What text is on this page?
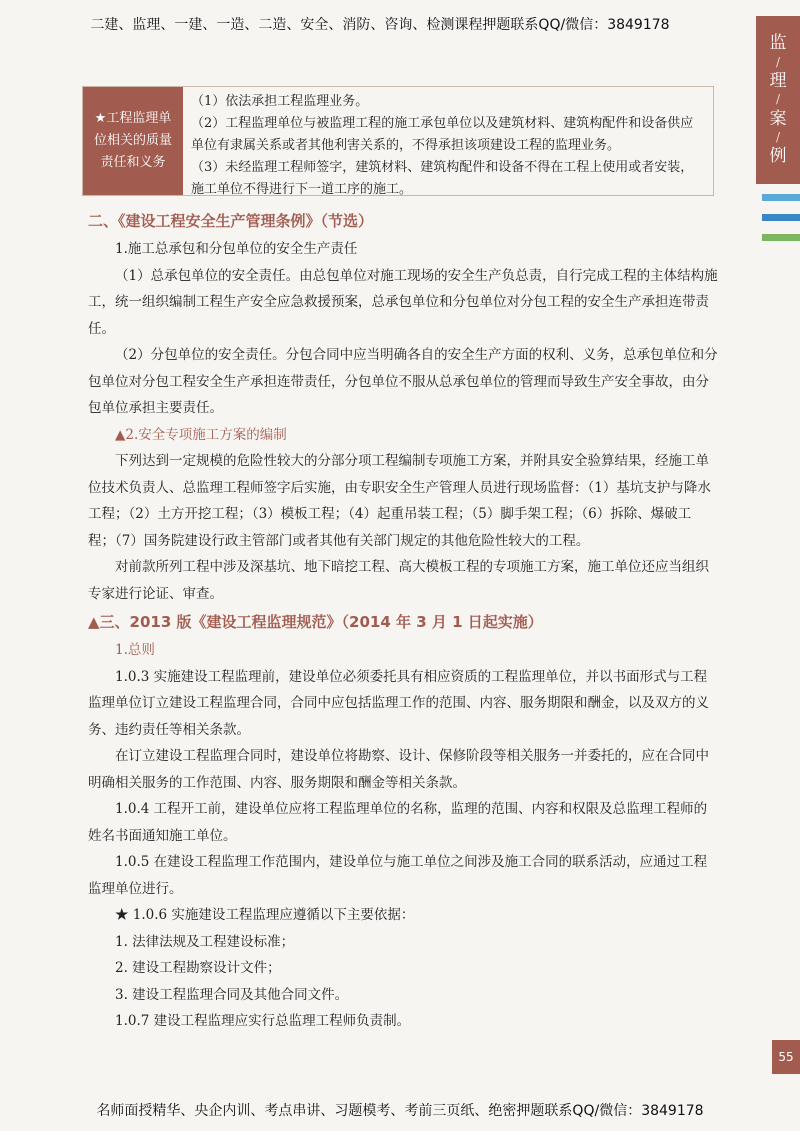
二建、监理、一建、一造、二造、安全、消防、咨询、检测课程押题联系QQ/微信：3849178
监
/
理
/
案
/
例
★工程监理单位相关的质量责任和义务
（1）依法承担工程监理业务。
（2）工程监理单位与被监理工程的施工承包单位以及建筑材料、建筑构配件和设备供应单位有隶属关系或者其他利害关系的，不得承担该项建设工程的监理业务。
（3）未经监理工程师签字，建筑材料、建筑构配件和设备不得在工程上使用或者安装，施工单位不得进行下一道工序的施工。

二、《建设工程安全生产管理条例》（节选）

1.施工总承包和分包单位的安全生产责任

（1）总承包单位的安全责任。由总包单位对施工现场的安全生产负总责，自行完成工程的主体结构施工，统一组织编制工程生产安全应急救援预案，总承包单位和分包单位对分包工程的安全生产承担连带责任。

（2）分包单位的安全责任。分包合同中应当明确各自的安全生产方面的权利、义务，总承包单位和分包单位对分包工程安全生产承担连带责任，分包单位不服从总承包单位的管理而导致生产安全事故，由分包单位承担主要责任。

▲2.安全专项施工方案的编制

下列达到一定规模的危险性较大的分部分项工程编制专项施工方案，并附具安全验算结果，经施工单位技术负责人、总监理工程师签字后实施，由专职安全生产管理人员进行现场监督：（1）基坑支护与降水工程；（2）土方开挖工程；（3）模板工程；（4）起重吊装工程；（5）脚手架工程；（6）拆除、爆破工程；（7）国务院建设行政主管部门或者其他有关部门规定的其他危险性较大的工程。

对前款所列工程中涉及深基坑、地下暗挖工程、高大模板工程的专项施工方案，施工单位还应当组织专家进行论证、审查。

▲三、2013 版《建设工程监理规范》（2014 年 3 月 1 日起实施）

1.总则

1.0.3 实施建设工程监理前，建设单位必须委托具有相应资质的工程监理单位，并以书面形式与工程监理单位订立建设工程监理合同，合同中应包括监理工作的范围、内容、服务期限和酬金，以及双方的义务、违约责任等相关条款。

在订立建设工程监理合同时，建设单位将勘察、设计、保修阶段等相关服务一并委托的，应在合同中明确相关服务的工作范围、内容、服务期限和酬金等相关条款。

1.0.4 工程开工前，建设单位应将工程监理单位的名称，监理的范围、内容和权限及总监理工程师的姓名书面通知施工单位。

1.0.5 在建设工程监理工作范围内，建设单位与施工单位之间涉及施工合同的联系活动，应通过工程监理单位进行。

★ 1.0.6 实施建设工程监理应遵循以下主要依据：

1. 法律法规及工程建设标准；

2. 建设工程勘察设计文件；

3. 建设工程监理合同及其他合同文件。

1.0.7 建设工程监理应实行总监理工程师负责制。

55
名师面授精华、央企内训、考点串讲、习题模考、考前三页纸、绝密押题联系QQ/微信：3849178
